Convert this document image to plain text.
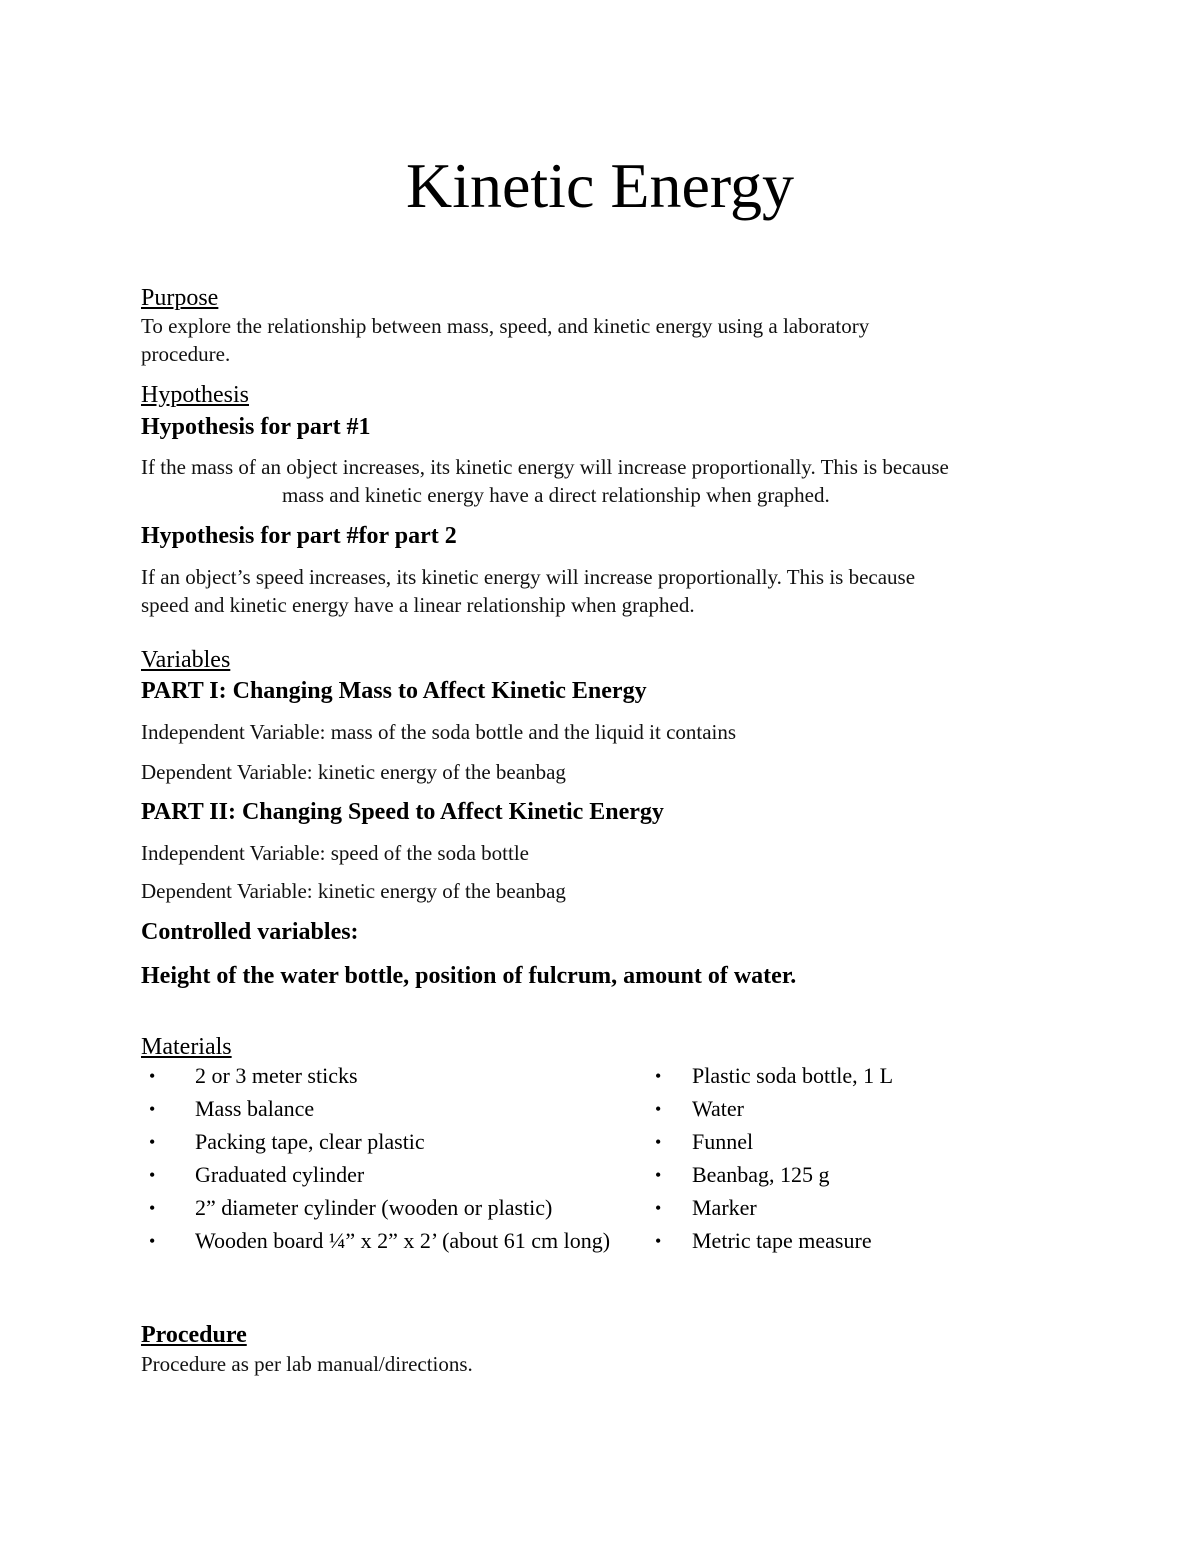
Kinetic Energy
Purpose
To explore the relationship between mass, speed, and kinetic energy using a laboratory
procedure.
Hypothesis
Hypothesis for part #1
If the mass of an object increases, its kinetic energy will increase proportionally. This is because
mass and kinetic energy have a direct relationship when graphed.
Hypothesis for part #for part 2
If an object’s speed increases, its kinetic energy will increase proportionally. This is because
speed and kinetic energy have a linear relationship when graphed.
Variables
PART I: Changing Mass to Affect Kinetic Energy
Independent Variable: mass of the soda bottle and the liquid it contains
Dependent Variable: kinetic energy of the beanbag
PART II: Changing Speed to Affect Kinetic Energy
Independent Variable: speed of the soda bottle
Dependent Variable: kinetic energy of the beanbag
Controlled variables:
Height of the water bottle, position of fulcrum, amount of water.
Materials
• 2 or 3 meter sticks
• Mass balance
• Packing tape, clear plastic
• Graduated cylinder
• 2” diameter cylinder (wooden or plastic)
• Wooden board ¼” x 2” x 2’ (about 61 cm long)
• Plastic soda bottle, 1 L
• Water
• Funnel
• Beanbag, 125 g
• Marker
• Metric tape measure
Procedure
Procedure as per lab manual/directions.
